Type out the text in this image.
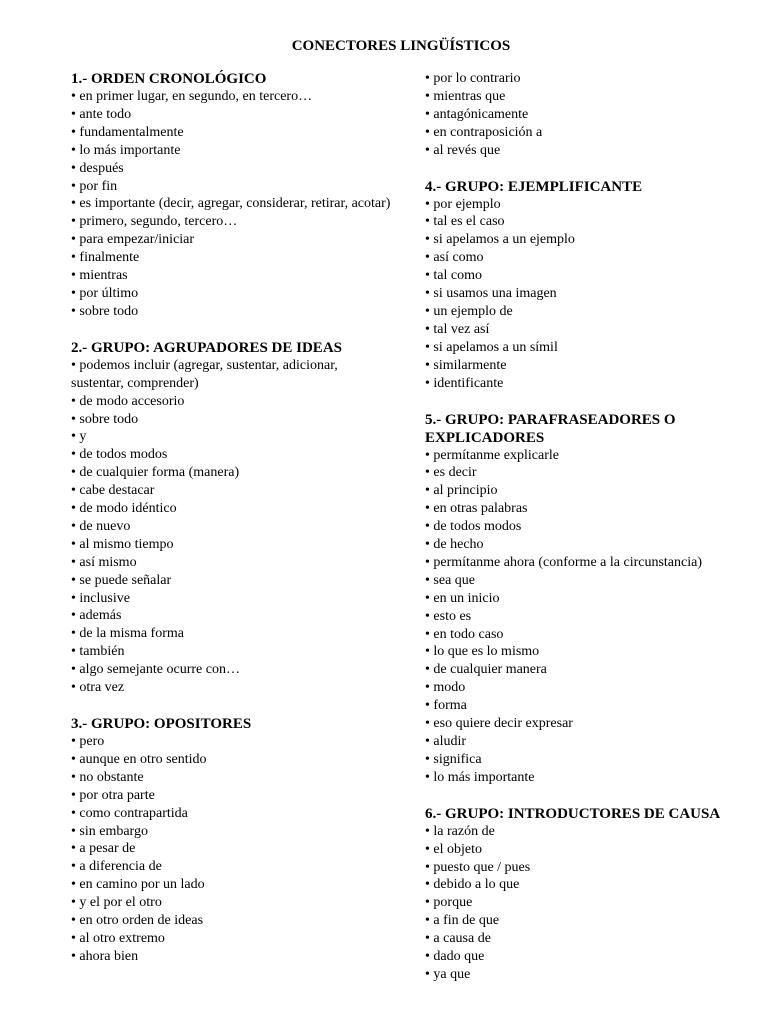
CONECTORES LINGÜÍSTICOS
1.- ORDEN CRONOLÓGICO
• en primer lugar, en segundo, en tercero…
• ante todo
• fundamentalmente
• lo más importante
• después
• por fin
• es importante (decir, agregar, considerar, retirar, acotar)
• primero, segundo, tercero…
• para empezar/iniciar
• finalmente
• mientras
• por último
• sobre todo
2.- GRUPO: AGRUPADORES DE IDEAS
• podemos incluir (agregar, sustentar, adicionar, sustentar, comprender)
• de modo accesorio
• sobre todo
• y
• de todos modos
• de cualquier forma (manera)
• cabe destacar
• de modo idéntico
• de nuevo
• al mismo tiempo
• así mismo
• se puede señalar
• inclusive
• además
• de la misma forma
• también
• algo semejante ocurre con…
• otra vez
3.- GRUPO: OPOSITORES
• pero
• aunque en otro sentido
• no obstante
• por otra parte
• como contrapartida
• sin embargo
• a pesar de
• a diferencia de
• en camino por un lado
• y el por el otro
• en otro orden de ideas
• al otro extremo
• ahora bien
• por lo contrario
• mientras que
• antagónicamente
• en contraposición a
• al revés que
4.- GRUPO: EJEMPLIFICANTE
• por ejemplo
• tal es el caso
• si apelamos a un ejemplo
• así como
• tal como
• si usamos una imagen
• un ejemplo de
• tal vez así
• si apelamos a un símil
• similarmente
• identificante
5.- GRUPO: PARAFRASEADORES O EXPLICADORES
• permítanme explicarle
• es decir
• al principio
• en otras palabras
• de todos modos
• de hecho
• permítanme ahora (conforme a la circunstancia)
• sea que
• en un inicio
• esto es
• en todo caso
• lo que es lo mismo
• de cualquier manera
• modo
• forma
• eso quiere decir expresar
• aludir
• significa
• lo más importante
6.- GRUPO: INTRODUCTORES DE CAUSA
• la razón de
• el objeto
• puesto que / pues
• debido a lo que
• porque
• a fin de que
• a causa de
• dado que
• ya que
